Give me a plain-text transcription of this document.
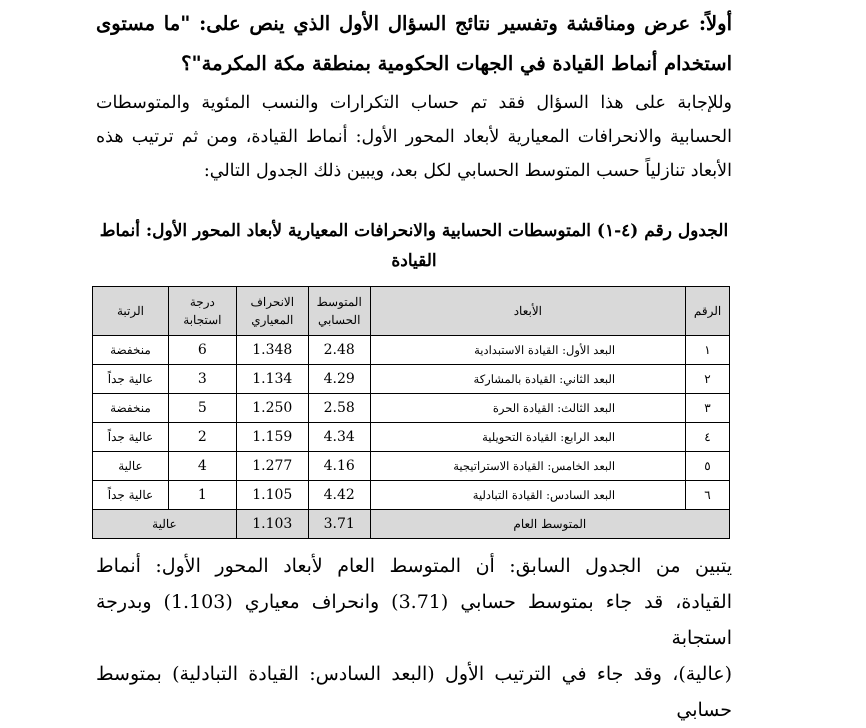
أولاً: عرض ومناقشة وتفسير نتائج السؤال الأول الذي ينص على: "ما مستوى
استخدام أنماط القيادة في الجهات الحكومية بمنطقة مكة المكرمة"؟

وللإجابة على هذا السؤال فقد تم حساب التكرارات والنسب المئوية والمتوسطات
الحسابية والانحرافات المعيارية لأبعاد المحور الأول: أنماط القيادة، ومن ثم ترتيب هذه
الأبعاد تنازلياً حسب المتوسط الحسابي لكل بعد، ويبين ذلك الجدول التالي:

الجدول رقم (٤-١) المتوسطات الحسابية والانحرافات المعيارية لأبعاد المحور الأول: أنماط
القيادة

الرقم	الأبعاد	المتوسط الحسابي	الانحراف المعياري	درجة استجابة	الرتبة
١	البعد الأول: القيادة الاستبدادية	2.48	1.348	6	منخفضة
٢	البعد الثاني: القيادة بالمشاركة	4.29	1.134	3	عالية جداً
٣	البعد الثالث: القيادة الحرة	2.58	1.250	5	منخفضة
٤	البعد الرابع: القيادة التحويلية	4.34	1.159	2	عالية جداً
٥	البعد الخامس: القيادة الاستراتيجية	4.16	1.277	4	عالية
٦	البعد السادس: القيادة التبادلية	4.42	1.105	1	عالية جداً
المتوسط العام		3.71	1.103	عالية	

يتبين من الجدول السابق: أن المتوسط العام لأبعاد المحور الأول: أنماط
القيادة، قد جاء بمتوسط حسابي (3.71) وانحراف معياري (1.103) وبدرجة استجابة
(عالية)، وقد جاء في الترتيب الأول (البعد السادس: القيادة التبادلية) بمتوسط حسابي
